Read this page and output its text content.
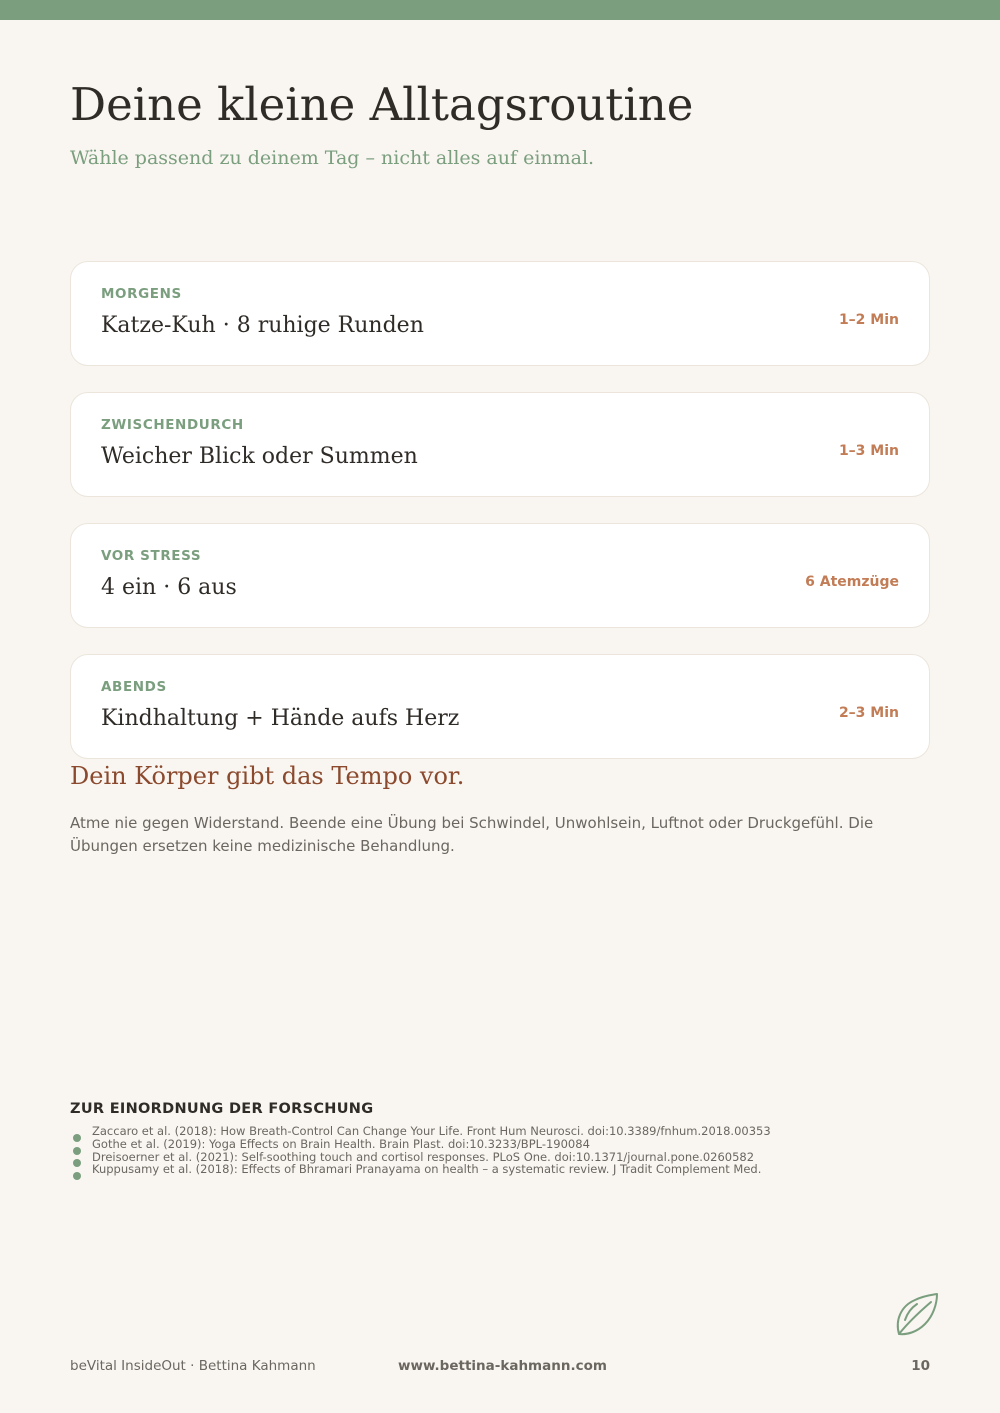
Deine kleine Alltagsroutine

Wähle passend zu deinem Tag – nicht alles auf einmal.

MORGENS
Katze-Kuh · 8 ruhige Runden	1–2 Min
ZWISCHENDURCH
Weicher Blick oder Summen	1–3 Min
VOR STRESS
4 ein · 6 aus	6 Atemzüge
ABENDS
Kindhaltung + Hände aufs Herz	2–3 Min
Dein Körper gibt das Tempo vor.

Atme nie gegen Widerstand. Beende eine Übung bei Schwindel, Unwohlsein, Luftnot oder Druckgefühl. Die Übungen ersetzen keine medizinische Behandlung.

ZUR EINORDNUNG DER FORSCHUNG
Zaccaro et al. (2018): How Breath-Control Can Change Your Life. Front Hum Neurosci. doi:10.3389/fnhum.2018.00353
Gothe et al. (2019): Yoga Effects on Brain Health. Brain Plast. doi:10.3233/BPL-190084
Dreisoerner et al. (2021): Self-soothing touch and cortisol responses. PLoS One. doi:10.1371/journal.pone.0260582
Kuppusamy et al. (2018): Effects of Bhramari Pranayama on health – a systematic review. J Tradit Complement Med.
beVital InsideOut · Bettina Kahmann	www.bettina-kahmann.com	10
